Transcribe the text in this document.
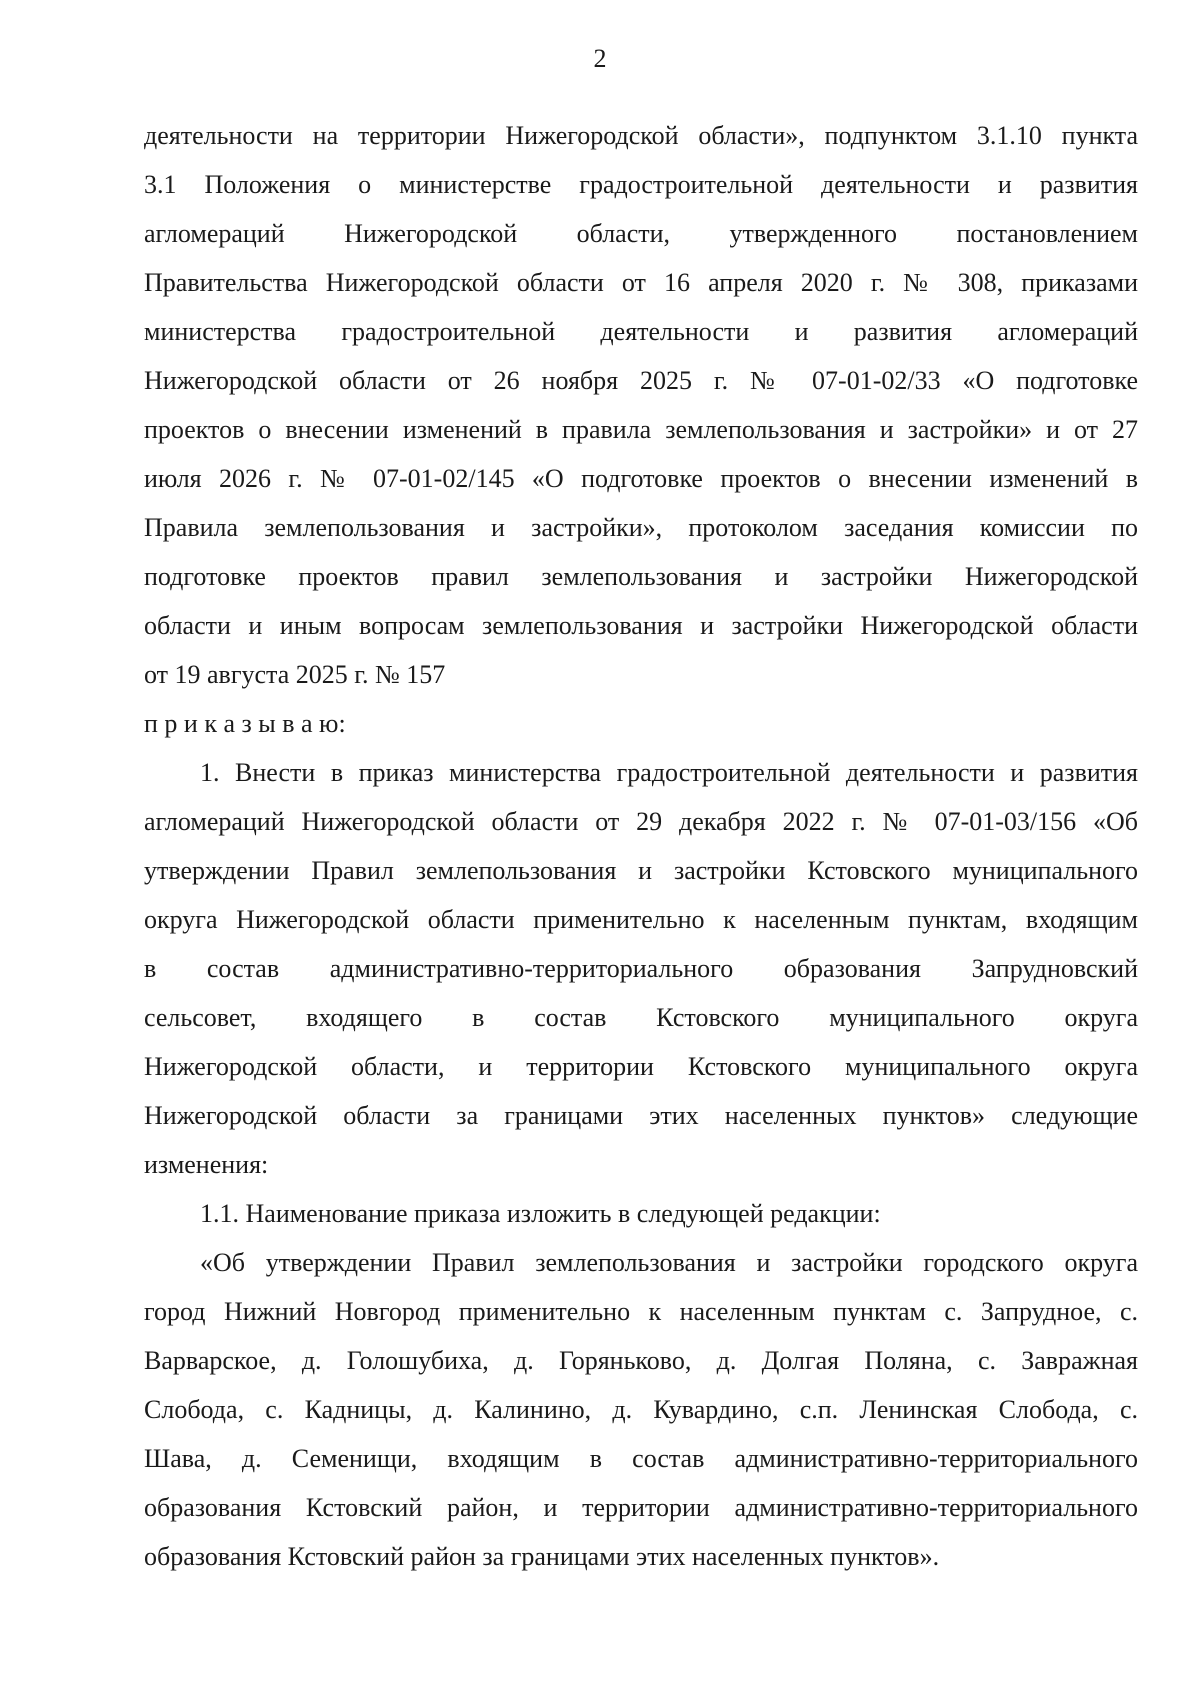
2
деятельности на территории Нижегородской области», подпунктом 3.1.10 пункта
3.1 Положения о министерстве градостроительной деятельности и развития
агломераций Нижегородской области, утвержденного постановлением
Правительства Нижегородской области от 16 апреля 2020 г. № 308, приказами
министерства градостроительной деятельности и развития агломераций
Нижегородской области от 26 ноября 2025 г. № 07-01-02/33 «О подготовке
проектов о внесении изменений в правила землепользования и застройки» и от 27
июля 2026 г. № 07-01-02/145 «О подготовке проектов о внесении изменений в
Правила землепользования и застройки», протоколом заседания комиссии по
подготовке проектов правил землепользования и застройки Нижегородской
области и иным вопросам землепользования и застройки Нижегородской области
от 19 августа 2025 г. № 157
п р и к а з ы в а ю:
1. Внести в приказ министерства градостроительной деятельности и развития
агломераций Нижегородской области от 29 декабря 2022 г. № 07-01-03/156 «Об
утверждении Правил землепользования и застройки Кстовского муниципального
округа Нижегородской области применительно к населенным пунктам, входящим
в состав административно-территориального образования Запрудновский
сельсовет, входящего в состав Кстовского муниципального округа
Нижегородской области, и территории Кстовского муниципального округа
Нижегородской области за границами этих населенных пунктов» следующие
изменения:
1.1. Наименование приказа изложить в следующей редакции:
«Об утверждении Правил землепользования и застройки городского округа
город Нижний Новгород применительно к населенным пунктам с. Запрудное, с.
Варварское, д. Голошубиха, д. Горяньково, д. Долгая Поляна, с. Завражная
Слобода, с. Кадницы, д. Калинино, д. Кувардино, с.п. Ленинская Слобода, с.
Шава, д. Семенищи, входящим в состав административно-территориального
образования Кстовский район, и территории административно-территориального
образования Кстовский район за границами этих населенных пунктов».
